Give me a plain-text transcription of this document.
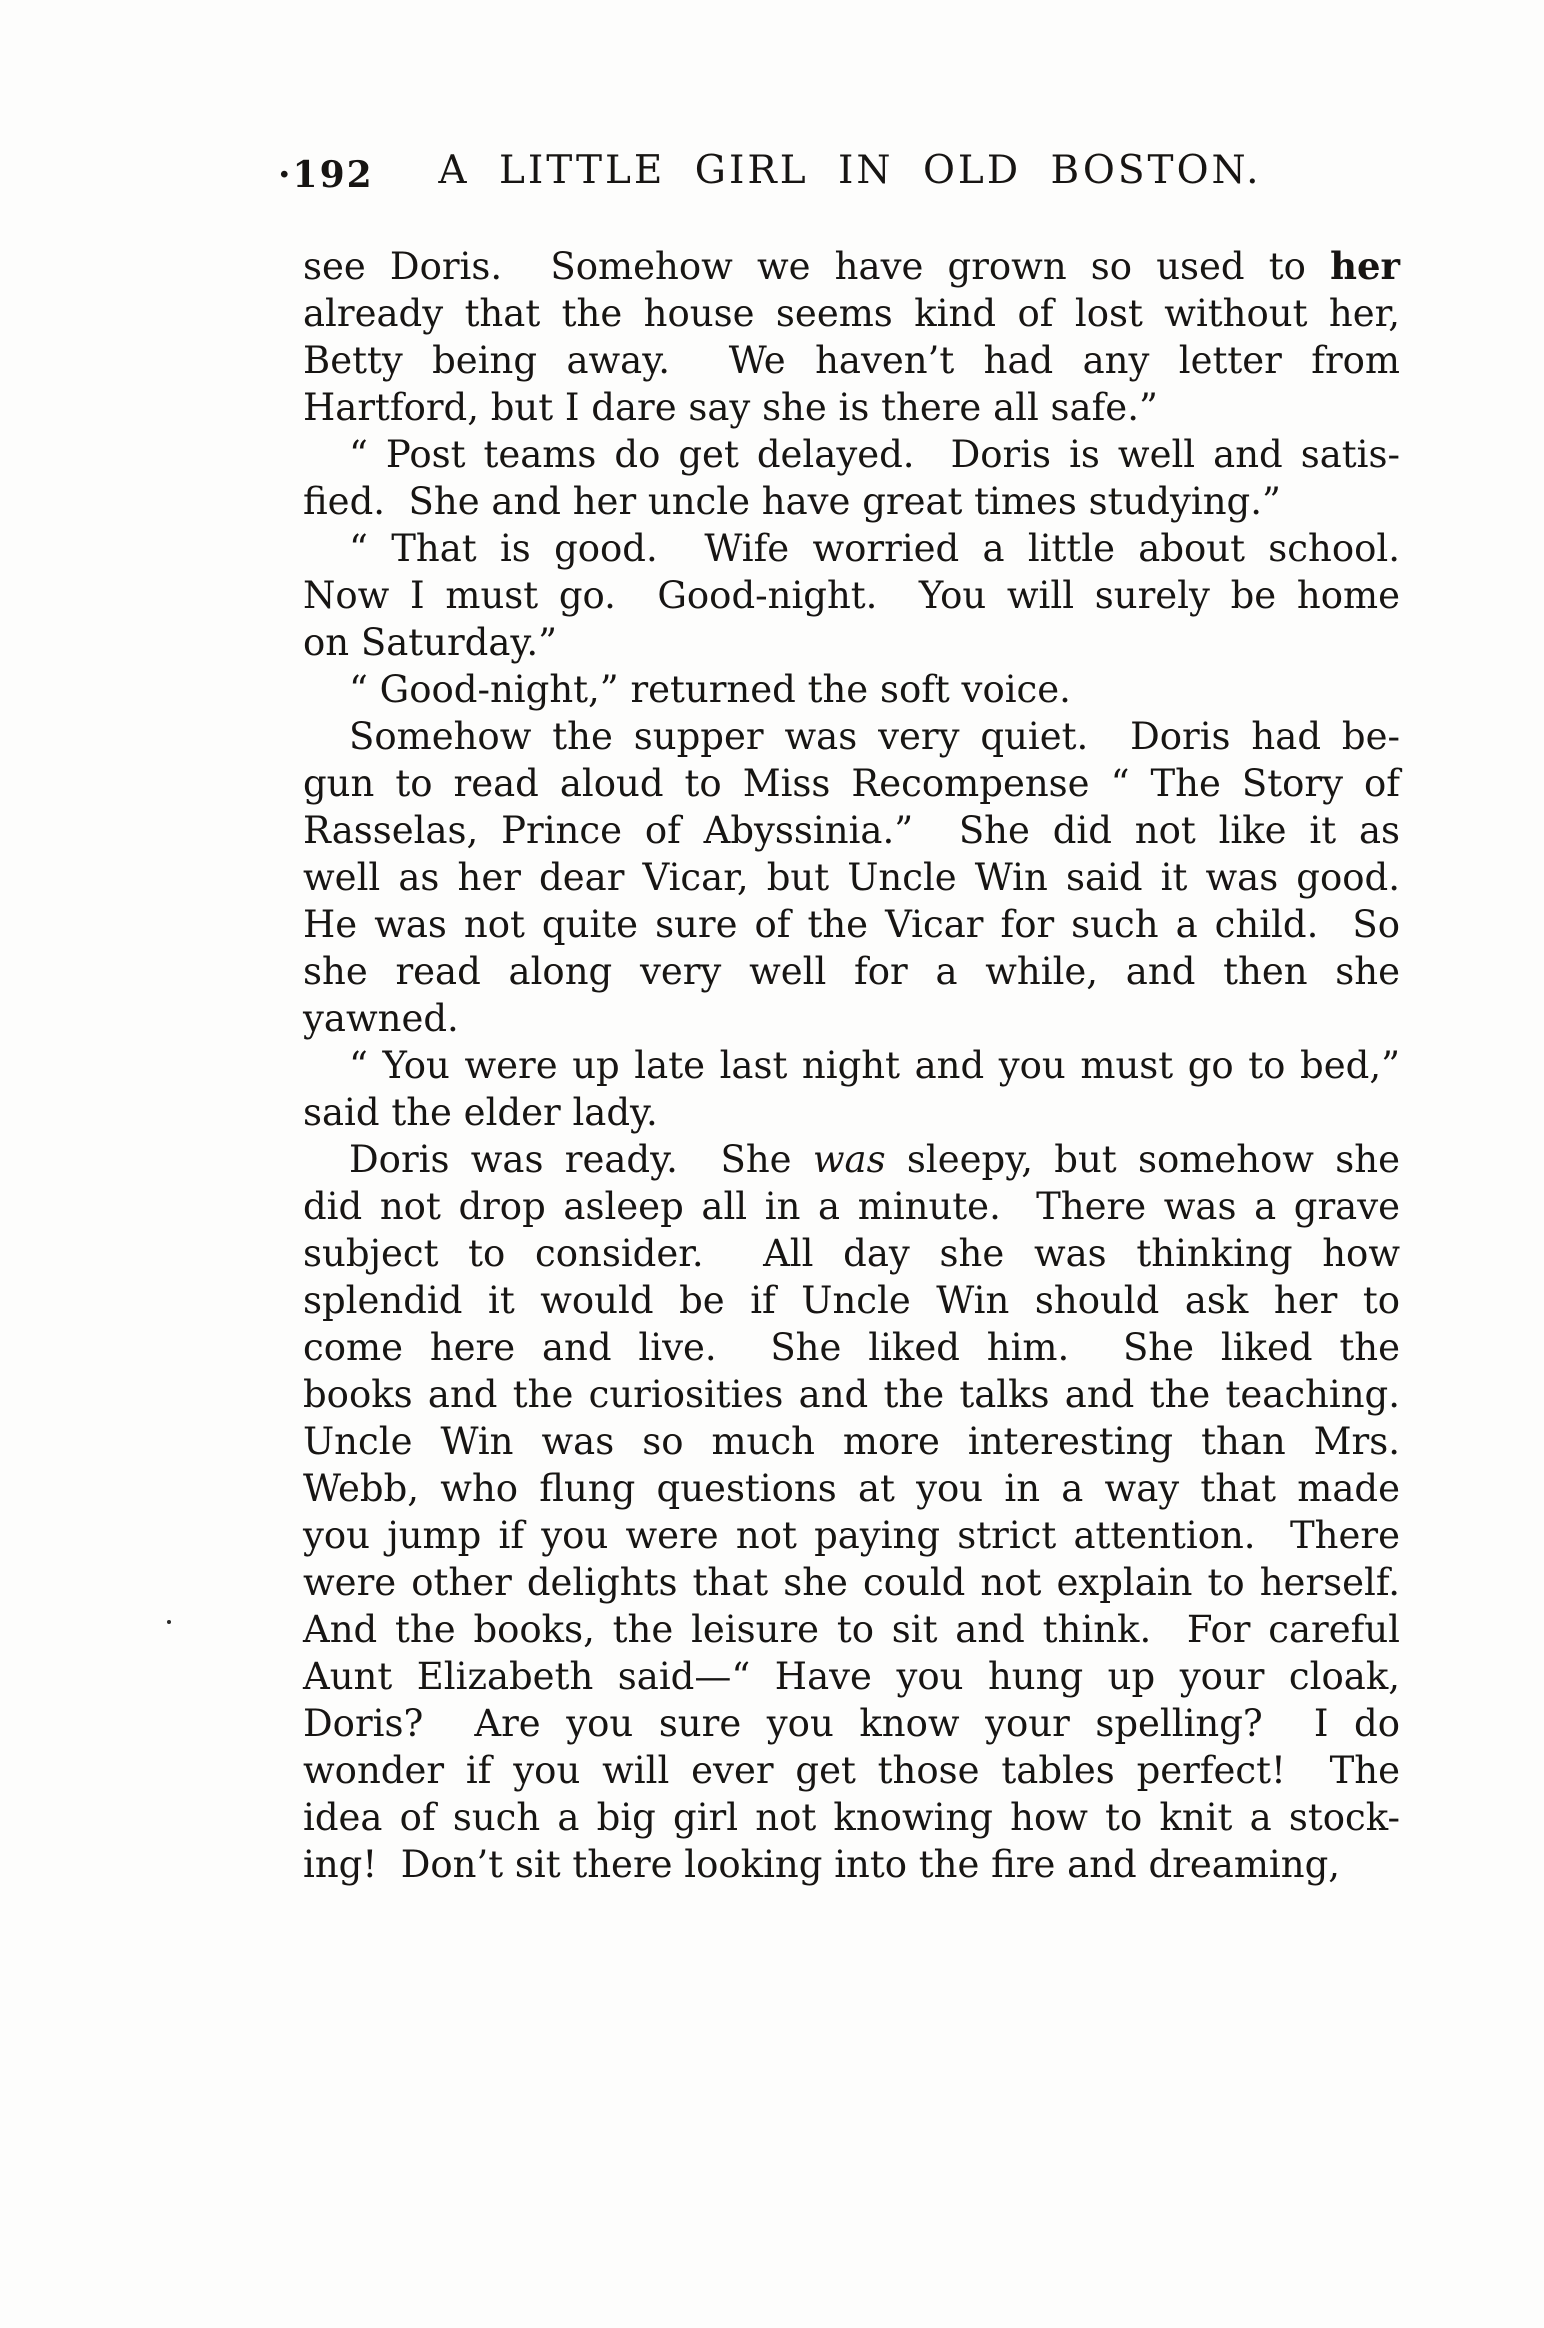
·192	A LITTLE GIRL IN OLD BOSTON.
see Doris.  Somehow we have grown so used to her
already that the house seems kind of lost without her,
Betty being away.  We haven’t had any letter from
Hartford, but I dare say she is there all safe.”
“ Post teams do get delayed.  Doris is well and satis-
fied.  She and her uncle have great times studying.”
“ That is good.  Wife worried a little about school.
Now I must go.  Good-night.  You will surely be home
on Saturday.”
“ Good-night,” returned the soft voice.
Somehow the supper was very quiet.  Doris had be-
gun to read aloud to Miss Recompense “ The Story of
Rasselas, Prince of Abyssinia.”  She did not like it as
well as her dear Vicar, but Uncle Win said it was good.
He was not quite sure of the Vicar for such a child.  So
she read along very well for a while, and then she
yawned.
“ You were up late last night and you must go to bed,”
said the elder lady.
Doris was ready.  She was sleepy, but somehow she
did not drop asleep all in a minute.  There was a grave
subject to consider.  All day she was thinking how
splendid it would be if Uncle Win should ask her to
come here and live.  She liked him.  She liked the
books and the curiosities and the talks and the teaching.
Uncle Win was so much more interesting than Mrs.
Webb, who flung questions at you in a way that made
you jump if you were not paying strict attention.  There
were other delights that she could not explain to herself.
And the books, the leisure to sit and think.  For careful
Aunt Elizabeth said—“ Have you hung up your cloak,
Doris?  Are you sure you know your spelling?  I do
wonder if you will ever get those tables perfect!  The
idea of such a big girl not knowing how to knit a stock-
ing!  Don’t sit there looking into the fire and dreaming,
